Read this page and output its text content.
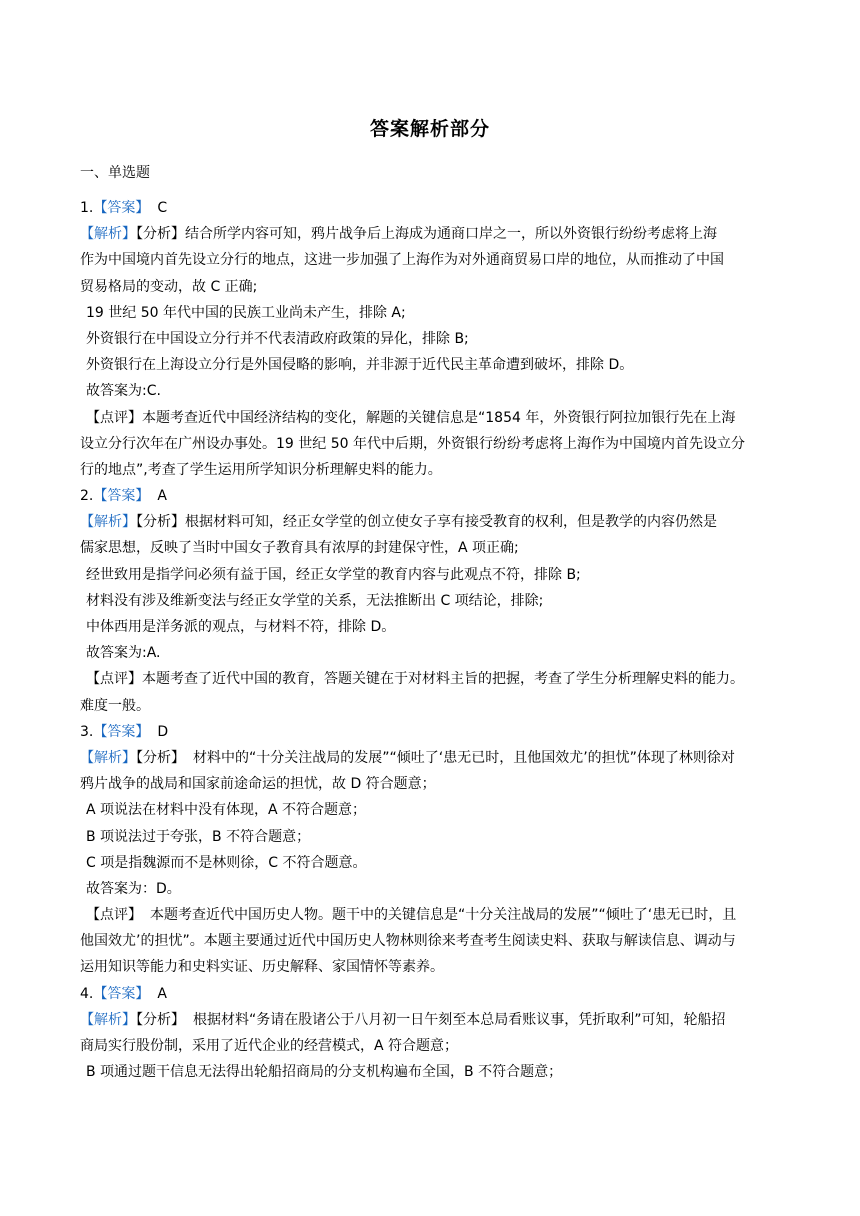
答案解析部分
一、单选题
1.【答案】 C
【解析】【分析】结合所学内容可知，鸦片战争后上海成为通商口岸之一，所以外资银行纷纷考虑将上海
作为中国境内首先设立分行的地点，这进一步加强了上海作为对外通商贸易口岸的地位，从而推动了中国
贸易格局的变动，故 C 正确;
19 世纪 50 年代中国的民族工业尚未产生，排除 A;
外资银行在中国设立分行并不代表清政府政策的异化，排除 B;
外资银行在上海设立分行是外国侵略的影响，并非源于近代民主革命遭到破坏，排除 D。
故答案为:C.
【点评】本题考查近代中国经济结构的变化，解题的关键信息是“1854 年，外资银行阿拉加银行先在上海
设立分行次年在广州设办事处。19 世纪 50 年代中后期，外资银行纷纷考虑将上海作为中国境内首先设立分
行的地点”,考查了学生运用所学知识分析理解史料的能力。
2.【答案】 A
【解析】【分析】根据材料可知，经正女学堂的创立使女子享有接受教育的权利，但是教学的内容仍然是
儒家思想，反映了当时中国女子教育具有浓厚的封建保守性，A 项正确;
经世致用是指学问必须有益于国，经正女学堂的教育内容与此观点不符，排除 B;
材料没有涉及维新变法与经正女学堂的关系，无法推断出 C 项结论，排除;
中体西用是洋务派的观点，与材料不符，排除 D。
故答案为:A.
【点评】本题考查了近代中国的教育，答题关键在于对材料主旨的把握，考查了学生分析理解史料的能力。
难度一般。
3.【答案】 D
【解析】【分析】 材料中的“十分关注战局的发展”“倾吐了‘患无已时，且他国效尤’的担忧”体现了林则徐对
鸦片战争的战局和国家前途命运的担忧，故 D 符合题意；
A 项说法在材料中没有体现，A 不符合题意；
B 项说法过于夸张，B 不符合题意；
C 项是指魏源而不是林则徐，C 不符合题意。
故答案为：D。
【点评】 本题考查近代中国历史人物。题干中的关键信息是“十分关注战局的发展”“倾吐了‘患无已时，且
他国效尤’的担忧”。本题主要通过近代中国历史人物林则徐来考查考生阅读史料、获取与解读信息、调动与
运用知识等能力和史料实证、历史解释、家国情怀等素养。
4.【答案】 A
【解析】【分析】 根据材料“务请在股诸公于八月初一日午刻至本总局看账议事，凭折取利”可知，轮船招
商局实行股份制，采用了近代企业的经营模式，A 符合题意；
B 项通过题干信息无法得出轮船招商局的分支机构遍布全国，B 不符合题意；
